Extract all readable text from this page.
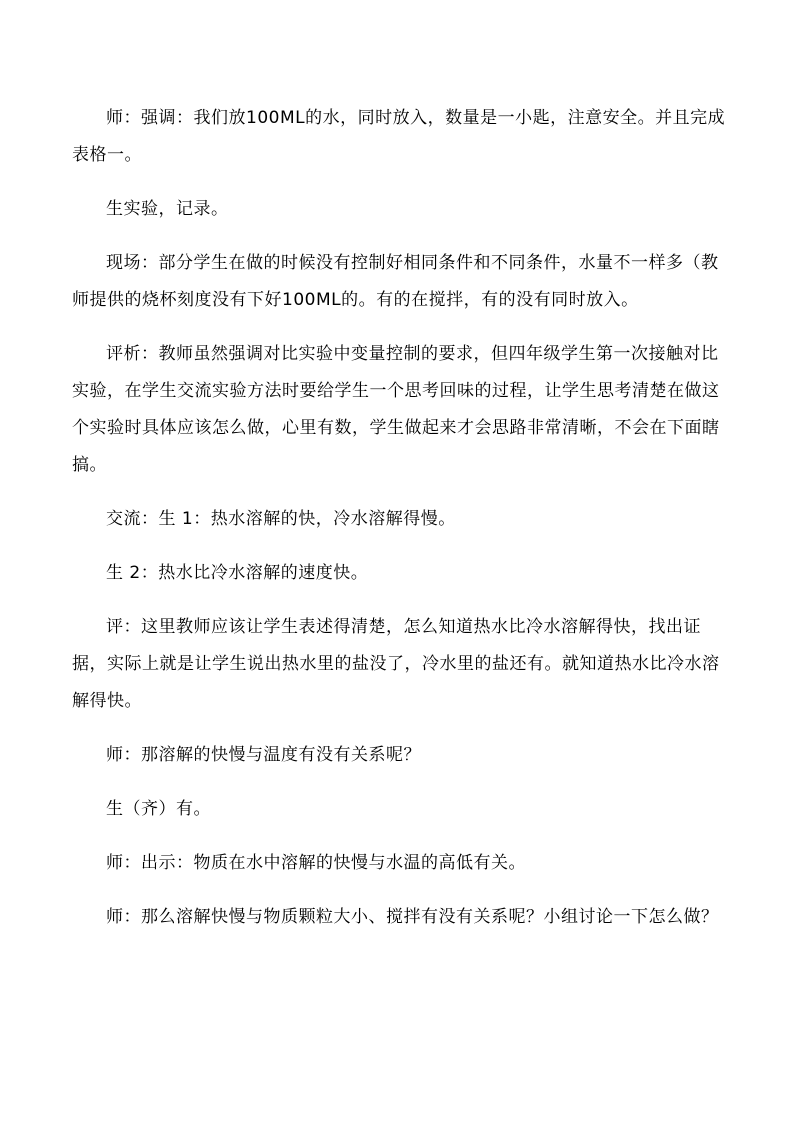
师：强调：我们放100ML的水，同时放入，数量是一小匙，注意安全。并且完成表格一。

生实验，记录。

现场：部分学生在做的时候没有控制好相同条件和不同条件，水量不一样多（教师提供的烧杯刻度没有下好100ML的。有的在搅拌，有的没有同时放入。

评析：教师虽然强调对比实验中变量控制的要求，但四年级学生第一次接触对比实验，在学生交流实验方法时要给学生一个思考回味的过程，让学生思考清楚在做这个实验时具体应该怎么做，心里有数，学生做起来才会思路非常清晰，不会在下面瞎搞。

交流：生 1：热水溶解的快，冷水溶解得慢。

生 2：热水比冷水溶解的速度快。

评：这里教师应该让学生表述得清楚，怎么知道热水比冷水溶解得快，找出证据，实际上就是让学生说出热水里的盐没了，冷水里的盐还有。就知道热水比冷水溶解得快。

师：那溶解的快慢与温度有没有关系呢？

生（齐）有。

师：出示：物质在水中溶解的快慢与水温的高低有关。

师：那么溶解快慢与物质颗粒大小、搅拌有没有关系呢？小组讨论一下怎么做？
